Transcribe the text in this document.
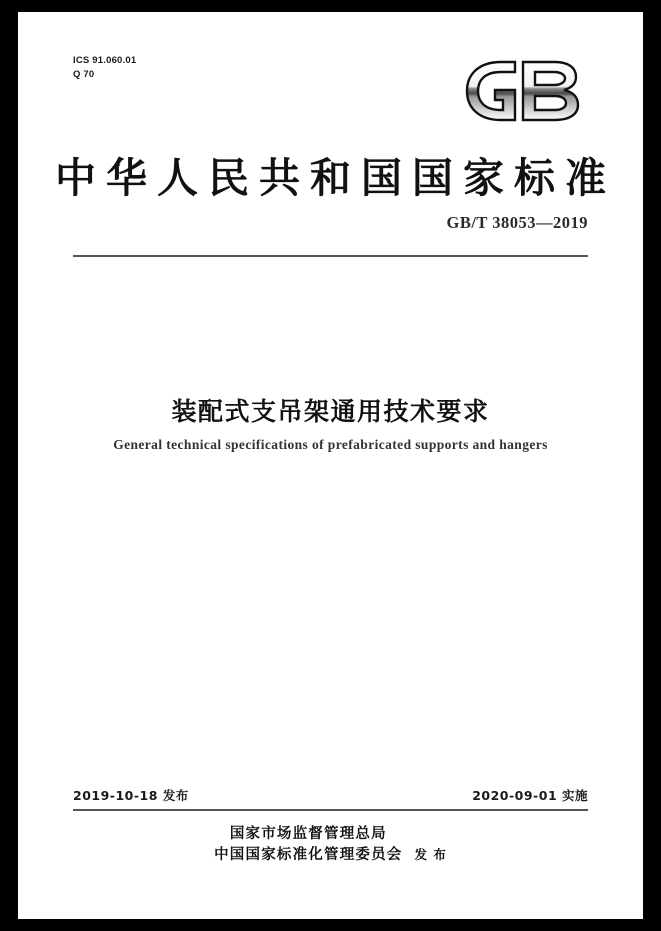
ICS 91.060.01
Q 70
中华人民共和国国家标准
GB/T 38053—2019
装配式支吊架通用技术要求
General technical specifications of prefabricated supports and hangers
2019-10-18 发布	2020-09-01 实施
国家市场监督管理总局
中国国家标准化管理委员会 发 布
